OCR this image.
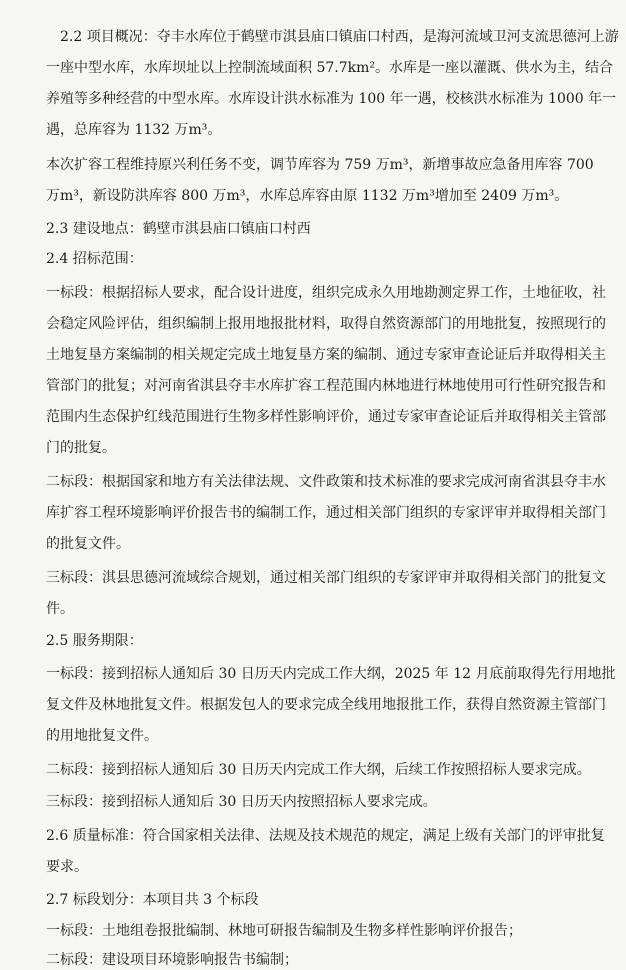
2.2 项目概况：夺丰水库位于鹤壁市淇县庙口镇庙口村西，是海河流域卫河支流思德河上游
一座中型水库，水库坝址以上控制流域面积 57.7km²。水库是一座以灌溉、供水为主，结合
养殖等多种经营的中型水库。水库设计洪水标准为 100 年一遇，校核洪水标准为 1000 年一
遇，总库容为 1132 万m³。
本次扩容工程维持原兴利任务不变，调节库容为 759 万m³，新增事故应急备用库容 700
万m³，新设防洪库容 800 万m³，水库总库容由原 1132 万m³增加至 2409 万m³。
2.3 建设地点：鹤壁市淇县庙口镇庙口村西
2.4 招标范围：
一标段：根据招标人要求，配合设计进度，组织完成永久用地勘测定界工作，土地征收，社
会稳定风险评估，组织编制上报用地报批材料，取得自然资源部门的用地批复，按照现行的
土地复垦方案编制的相关规定完成土地复垦方案的编制、通过专家审查论证后并取得相关主
管部门的批复；对河南省淇县夺丰水库扩容工程范围内林地进行林地使用可行性研究报告和
范围内生态保护红线范围进行生物多样性影响评价，通过专家审查论证后并取得相关主管部
门的批复。
二标段：根据国家和地方有关法律法规、文件政策和技术标准的要求完成河南省淇县夺丰水
库扩容工程环境影响评价报告书的编制工作，通过相关部门组织的专家评审并取得相关部门
的批复文件。
三标段：淇县思德河流域综合规划，通过相关部门组织的专家评审并取得相关部门的批复文
件。
2.5 服务期限：
一标段：接到招标人通知后 30 日历天内完成工作大纲，2025 年 12 月底前取得先行用地批
复文件及林地批复文件。根据发包人的要求完成全线用地报批工作，获得自然资源主管部门
的用地批复文件。
二标段：接到招标人通知后 30 日历天内完成工作大纲，后续工作按照招标人要求完成。
三标段：接到招标人通知后 30 日历天内按照招标人要求完成。
2.6 质量标准：符合国家相关法律、法规及技术规范的规定，满足上级有关部门的评审批复
要求。
2.7 标段划分：本项目共 3 个标段
一标段：土地组卷报批编制、林地可研报告编制及生物多样性影响评价报告；
二标段：建设项目环境影响报告书编制；
